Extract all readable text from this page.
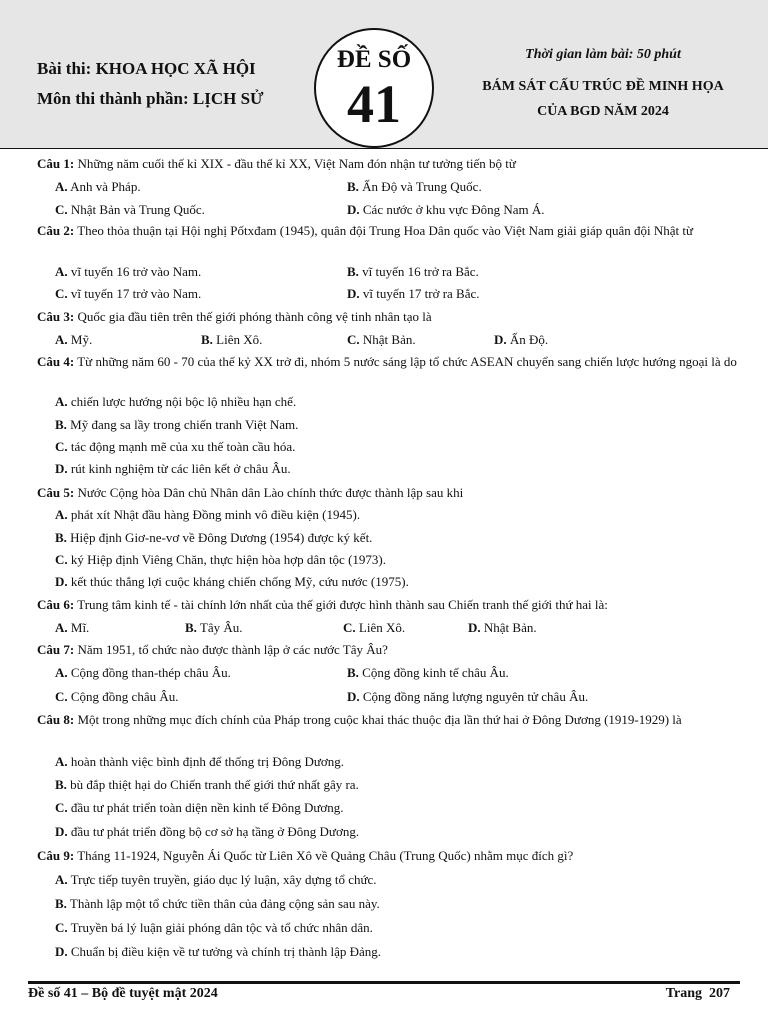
Bài thi: KHOA HỌC XÃ HỘI
Môn thi thành phần: LỊCH SỬ
ĐỀ SỐ
41
Thời gian làm bài: 50 phút
BÁM SÁT CẤU TRÚC ĐỀ MINH HỌA
CỦA BGD NĂM 2024
Câu 1: Những năm cuối thế kỉ XIX - đầu thế kỉ XX, Việt Nam đón nhận tư tưởng tiến bộ từ
A. Anh và Pháp.	B. Ấn Độ và Trung Quốc.
C. Nhật Bản và Trung Quốc.	D. Các nước ở khu vực Đông Nam Á.
Câu 2: Theo thỏa thuận tại Hội nghị Pốtxđam (1945), quân đội Trung Hoa Dân quốc vào Việt Nam giải giáp quân đội Nhật từ
A. vĩ tuyến 16 trở vào Nam.	B. vĩ tuyến 16 trở ra Bắc.
C. vĩ tuyến 17 trở vào Nam.	D. vĩ tuyến 17 trở ra Bắc.
Câu 3: Quốc gia đầu tiên trên thế giới phóng thành công vệ tinh nhân tạo là
A. Mỹ.	B. Liên Xô.	C. Nhật Bản.	D. Ấn Độ.
Câu 4: Từ những năm 60 - 70 của thế kỷ XX trở đi, nhóm 5 nước sáng lập tổ chức ASEAN chuyển sang chiến lược hướng ngoại là do
A. chiến lược hướng nội bộc lộ nhiều hạn chế.
B. Mỹ đang sa lầy trong chiến tranh Việt Nam.
C. tác động mạnh mẽ của xu thế toàn cầu hóa.
D. rút kinh nghiệm từ các liên kết ở châu Âu.
Câu 5: Nước Cộng hòa Dân chủ Nhân dân Lào chính thức được thành lập sau khi
A. phát xít Nhật đầu hàng Đồng minh vô điều kiện (1945).
B. Hiệp định Giơ-ne-vơ về Đông Dương (1954) được ký kết.
C. ký Hiệp định Viêng Chăn, thực hiện hòa hợp dân tộc (1973).
D. kết thúc thắng lợi cuộc kháng chiến chống Mỹ, cứu nước (1975).
Câu 6: Trung tâm kinh tế - tài chính lớn nhất của thế giới được hình thành sau Chiến tranh thế giới thứ hai là:
A. Mĩ.	B. Tây Âu.	C. Liên Xô.	D. Nhật Bản.
Câu 7: Năm 1951, tổ chức nào được thành lập ở các nước Tây Âu?
A. Cộng đồng than-thép châu Âu.	B. Cộng đồng kinh tế châu Âu.
C. Cộng đồng châu Âu.	D. Cộng đồng năng lượng nguyên tử châu Âu.
Câu 8: Một trong những mục đích chính của Pháp trong cuộc khai thác thuộc địa lần thứ hai ở Đông Dương (1919-1929) là
A. hoàn thành việc bình định để thống trị Đông Dương.
B. bù đắp thiệt hại do Chiến tranh thế giới thứ nhất gây ra.
C. đầu tư phát triển toàn diện nền kinh tế Đông Dương.
D. đầu tư phát triển đồng bộ cơ sở hạ tầng ở Đông Dương.
Câu 9: Tháng 11-1924, Nguyễn Ái Quốc từ Liên Xô về Quảng Châu (Trung Quốc) nhằm mục đích gì?
A. Trực tiếp tuyên truyền, giáo dục lý luận, xây dựng tổ chức.
B. Thành lập một tổ chức tiền thân của đảng cộng sản sau này.
C. Truyền bá lý luận giải phóng dân tộc và tổ chức nhân dân.
D. Chuẩn bị điều kiện về tư tưởng và chính trị thành lập Đảng.
Đề số 41 – Bộ đề tuyệt mật 2024	Trang 207
